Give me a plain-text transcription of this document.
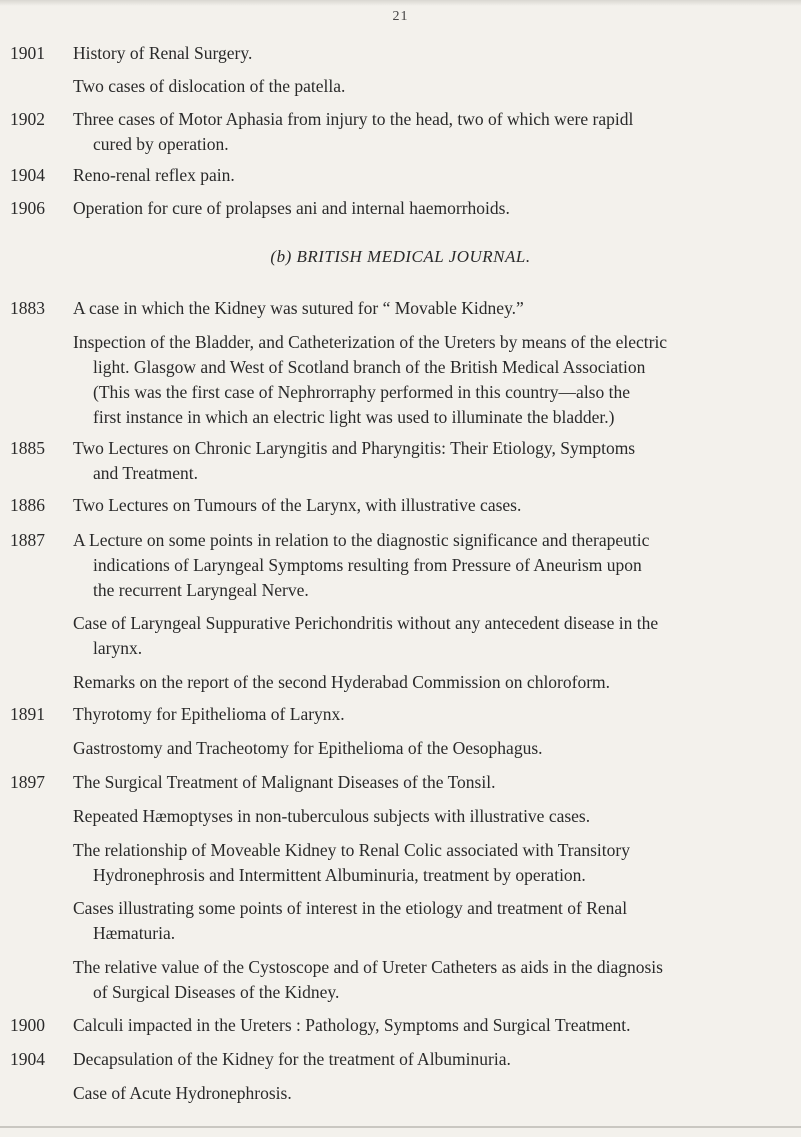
21
1901	History of Renal Surgery.
Two cases of dislocation of the patella.
1902	Three cases of Motor Aphasia from injury to the head, two of which were rapidl
cured by operation.
1904	Reno-renal reflex pain.
1906	Operation for cure of prolapses ani and internal haemorrhoids.
(b) BRITISH MEDICAL JOURNAL.
1883	A case in which the Kidney was sutured for “ Movable Kidney.”
Inspection of the Bladder, and Catheterization of the Ureters by means of the electric
light. Glasgow and West of Scotland branch of the British Medical Association
(This was the first case of Nephrorraphy performed in this country—also the
first instance in which an electric light was used to illuminate the bladder.)
1885	Two Lectures on Chronic Laryngitis and Pharyngitis: Their Etiology, Symptoms
and Treatment.
1886	Two Lectures on Tumours of the Larynx, with illustrative cases.
1887	A Lecture on some points in relation to the diagnostic significance and therapeutic
indications of Laryngeal Symptoms resulting from Pressure of Aneurism upon
the recurrent Laryngeal Nerve.
Case of Laryngeal Suppurative Perichondritis without any antecedent disease in the
larynx.
Remarks on the report of the second Hyderabad Commission on chloroform.
1891	Thyrotomy for Epithelioma of Larynx.
Gastrostomy and Tracheotomy for Epithelioma of the Oesophagus.
1897	The Surgical Treatment of Malignant Diseases of the Tonsil.
Repeated Hæmoptyses in non-tuberculous subjects with illustrative cases.
The relationship of Moveable Kidney to Renal Colic associated with Transitory
Hydronephrosis and Intermittent Albuminuria, treatment by operation.
Cases illustrating some points of interest in the etiology and treatment of Renal
Hæmaturia.
The relative value of the Cystoscope and of Ureter Catheters as aids in the diagnosis
of Surgical Diseases of the Kidney.
1900	Calculi impacted in the Ureters : Pathology, Symptoms and Surgical Treatment.
1904	Decapsulation of the Kidney for the treatment of Albuminuria.
Case of Acute Hydronephrosis.
